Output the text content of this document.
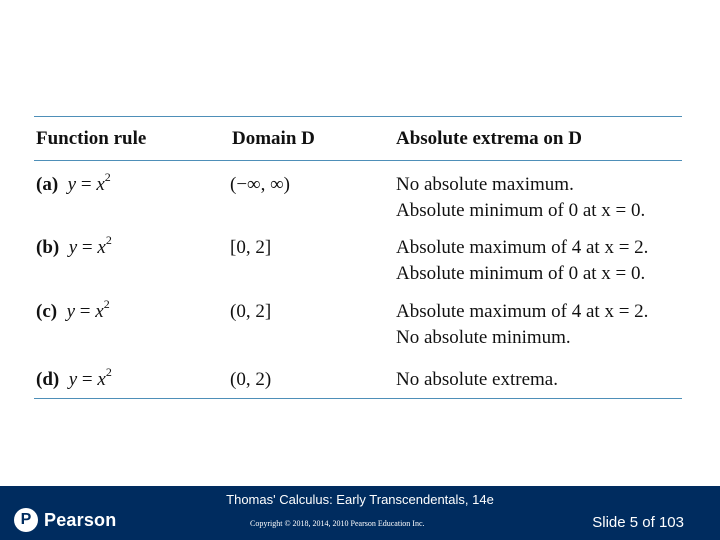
Function rule	Domain D	Absolute extrema on D
(a) $y = x^2$	(−∞, ∞)	No absolute maximum.
Absolute minimum of 0 at x = 0.
(b) $y = x^2$	[0, 2]	Absolute maximum of 4 at x = 2.
Absolute minimum of 0 at x = 0.
(c) $y = x^2$	(0, 2]	Absolute maximum of 4 at x = 2.
No absolute minimum.
(d) $y = x^2$	(0, 2)	No absolute extrema.
P Pearson
Thomas' Calculus: Early Transcendentals, 14e
Copyright © 2018, 2014, 2010 Pearson Education Inc.	Slide 5 of 103
